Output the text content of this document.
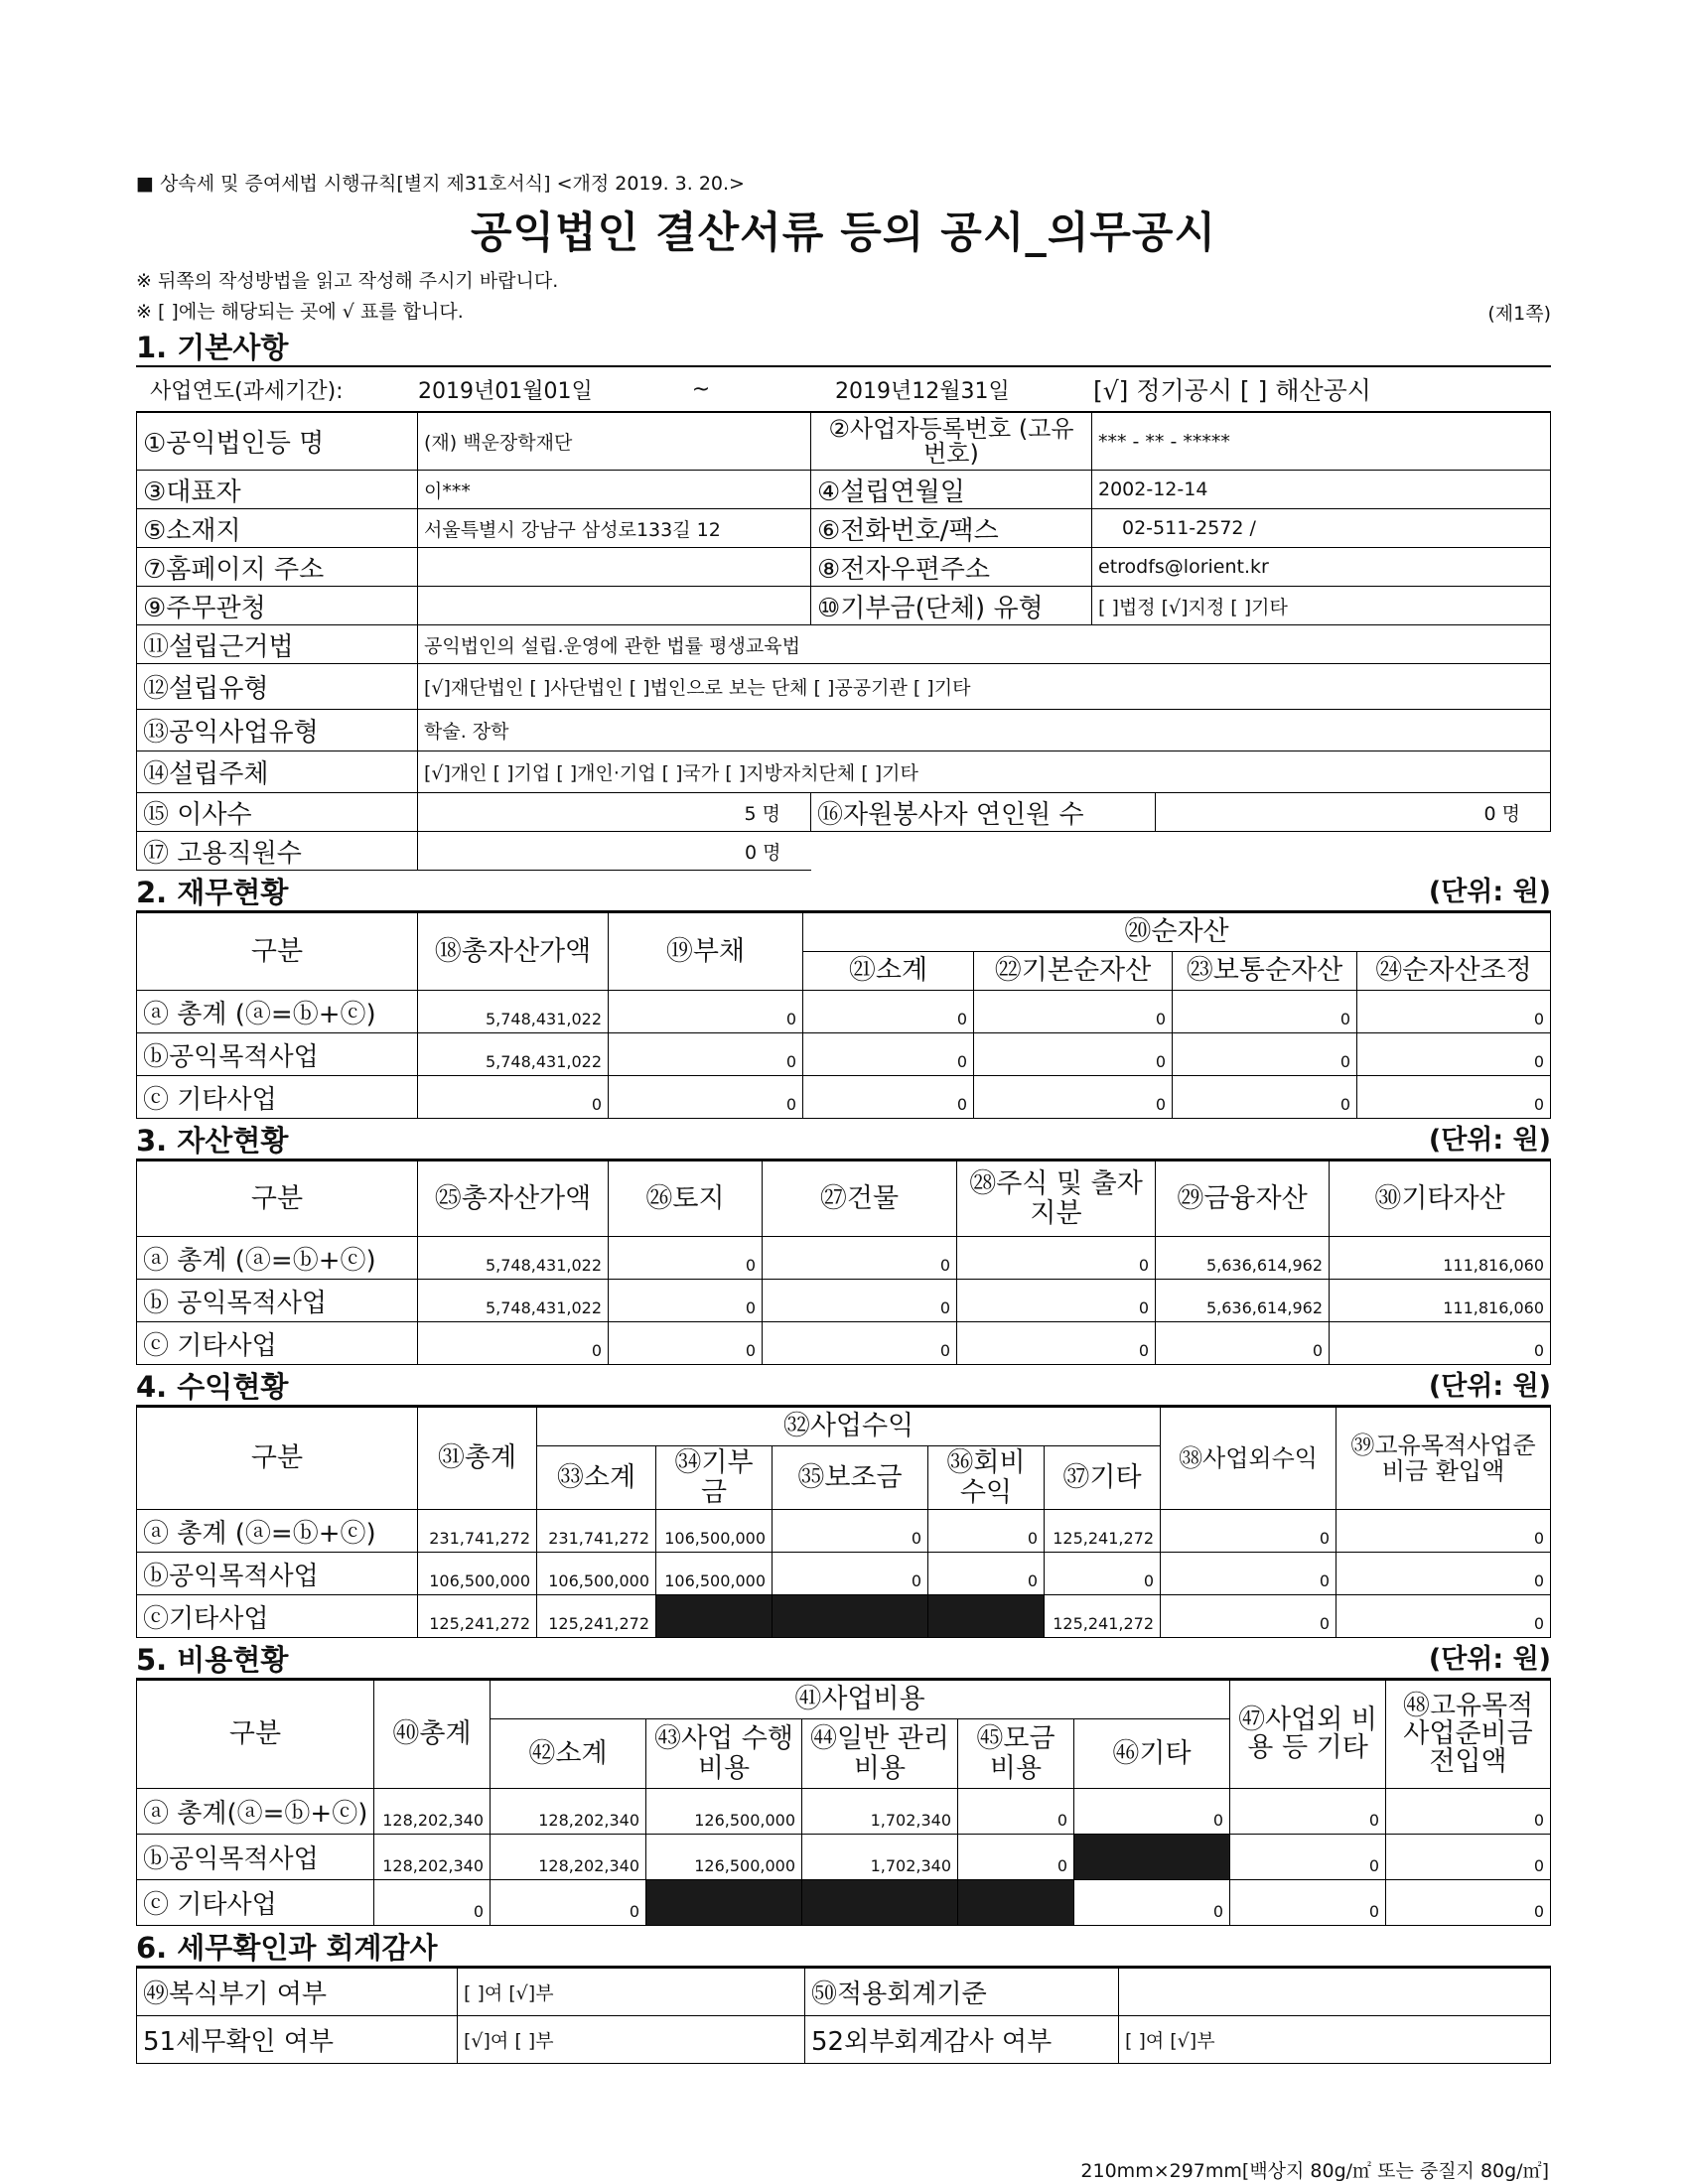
■ 상속세 및 증여세법 시행규칙[별지 제31호서식] <개정 2019. 3. 20.>
공익법인 결산서류 등의 공시_의무공시
※ 뒤쪽의 작성방법을 읽고 작성해 주시기 바랍니다.
※ [ ]에는 해당되는 곳에 √ 표를 합니다.	(제1쪽)
1. 기본사항
사업연도(과세기간):	2019년01월01일	~	2019년12월31일	[√] 정기공시 [ ] 해산공시
①공익법인등 명	(재) 백운장학재단	②사업자등록번호 (고유번호)	*** - ** - *****	
③대표자	이***	④설립연월일	2002-12-14	
⑤소재지	서울특별시 강남구 삼성로133길 12	⑥전화번호/팩스	02-511-2572 /	
⑦홈페이지 주소		⑧전자우편주소	etrodfs@lorient.kr	
⑨주무관청		⑩기부금(단체) 유형	[ ]법정 [√]지정 [ ]기타	
⑪설립근거법	공익법인의 설립.운영에 관한 법률 평생교육법			
⑫설립유형	[√]재단법인 [ ]사단법인 [ ]법인으로 보는 단체 [ ]공공기관 [ ]기타			
⑬공익사업유형	학술. 장학			
⑭설립주체	[√]개인 [ ]기업 [ ]개인·기업 [ ]국가 [ ]지방자치단체 [ ]기타			
⑮ 이사수	5 명	⑯자원봉사자 연인원 수		0 명
⑰ 고용직원수	0 명			
2. 재무현황	(단위: 원)
구분	⑱총자산가액	⑲부채	⑳순자산			
			㉑소계	㉒기본순자산	㉓보통순자산	㉔순자산조정
ⓐ 총계 (ⓐ=ⓑ+ⓒ)	5,748,431,022	0	0	0	0	0
ⓑ공익목적사업	5,748,431,022	0	0	0	0	0
ⓒ 기타사업	0	0	0	0	0	0
3. 자산현황	(단위: 원)
구분	㉕총자산가액	㉖토지	㉗건물	㉘주식 및 출자지분	㉙금융자산	㉚기타자산
ⓐ 총계 (ⓐ=ⓑ+ⓒ)	5,748,431,022	0	0	0	5,636,614,962	111,816,060
ⓑ 공익목적사업	5,748,431,022	0	0	0	5,636,614,962	111,816,060
ⓒ 기타사업	0	0	0	0	0	0
4. 수익현황	(단위: 원)
구분	㉛총계	㉜사업수익					㊳사업외수익	㊴고유목적사업준비금 환입액
		㉝소계	㉞기부금	㉟보조금	㊱회비 수익	㊲기타		
ⓐ 총계 (ⓐ=ⓑ+ⓒ)	231,741,272	231,741,272	106,500,000	0	0	125,241,272	0	0
ⓑ공익목적사업	106,500,000	106,500,000	106,500,000	0	0	0	0	0
ⓒ기타사업	125,241,272	125,241,272				125,241,272	0	0
5. 비용현황	(단위: 원)
구분	㊵총계	㊶사업비용					㊼사업외 비용 등 기타	㊽고유목적 사업준비금전입액
		㊷소계	㊸사업 수행비용	㊹일반 관리비용	㊺모금 비용	㊻기타		
ⓐ 총계(ⓐ=ⓑ+ⓒ)	128,202,340	128,202,340	126,500,000	1,702,340	0	0	0	0
ⓑ공익목적사업	128,202,340	128,202,340	126,500,000	1,702,340	0		0	0
ⓒ 기타사업	0	0				0	0	0
6. 세무확인과 회계감사
㊾복식부기 여부	[ ]여 [√]부	㊿적용회계기준	
51세무확인 여부	[√]여 [ ]부	52외부회계감사 여부	[ ]여 [√]부
210mm×297mm[백상지 80g/㎡ 또는 중질지 80g/㎡]
